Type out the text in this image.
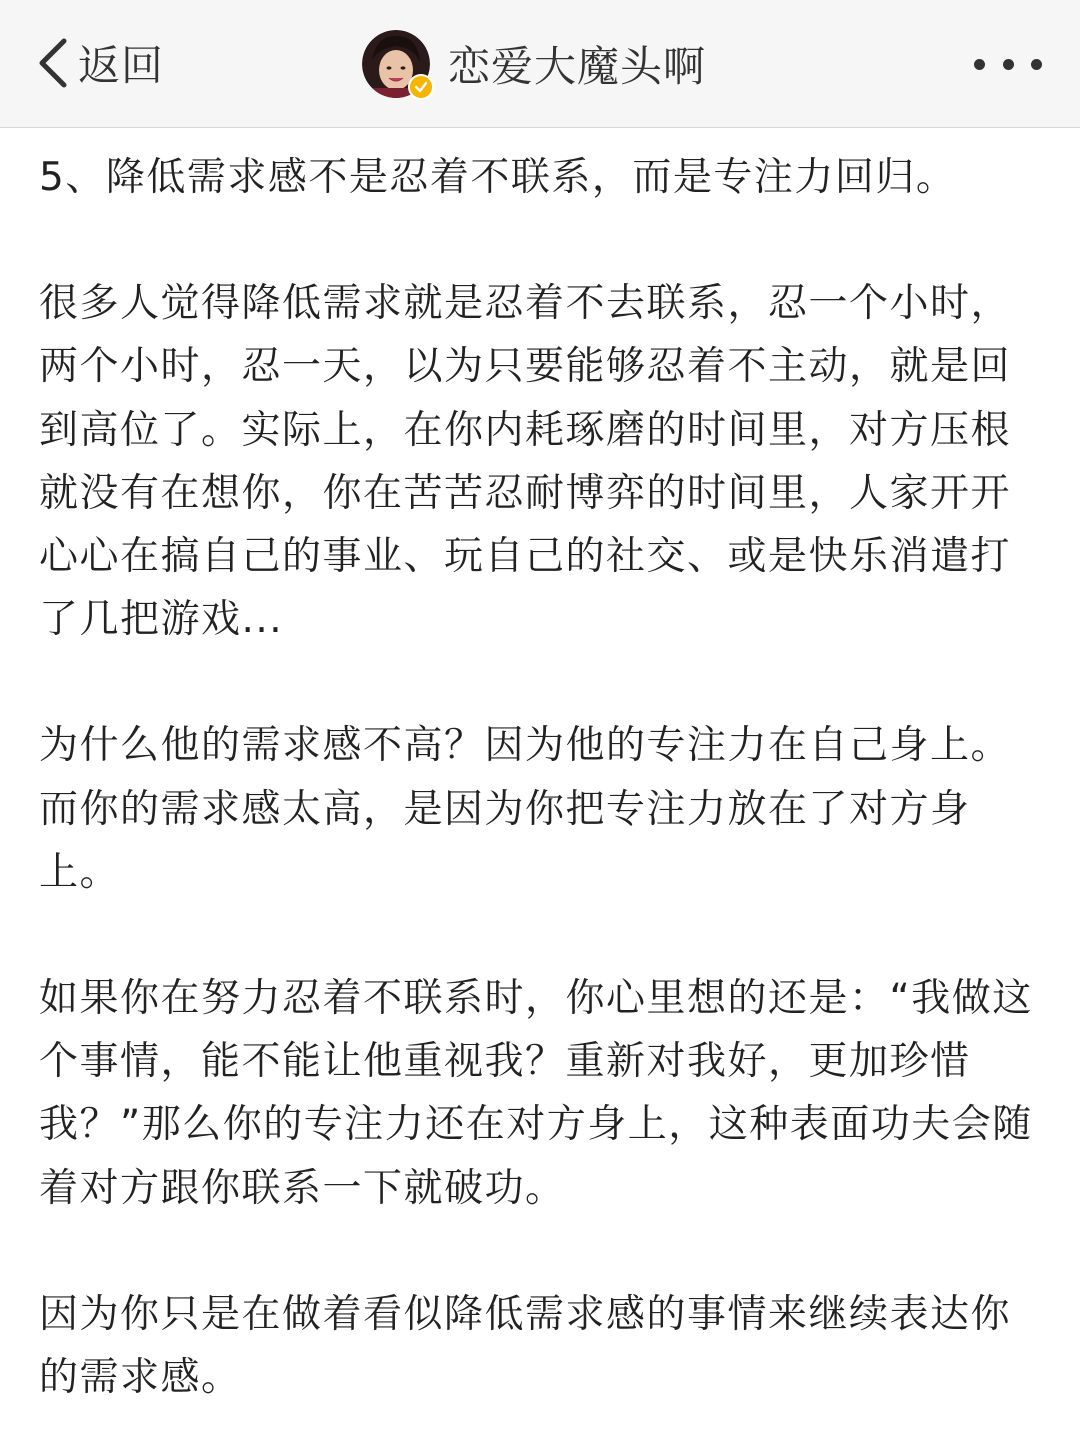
返回	恋爱大魔头啊

5、降低需求感不是忍着不联系，而是专注力回归。

很多人觉得降低需求就是忍着不去联系，忍一个小时，两个小时，忍一天，以为只要能够忍着不主动，就是回到高位了。实际上，在你内耗琢磨的时间里，对方压根就没有在想你，你在苦苦忍耐博弈的时间里，人家开开心心在搞自己的事业、玩自己的社交、或是快乐消遣打了几把游戏...

为什么他的需求感不高？因为他的专注力在自己身上。而你的需求感太高，是因为你把专注力放在了对方身上。

如果你在努力忍着不联系时，你心里想的还是：“我做这个事情，能不能让他重视我？重新对我好，更加珍惜我？”那么你的专注力还在对方身上，这种表面功夫会随着对方跟你联系一下就破功。

因为你只是在做着看似降低需求感的事情来继续表达你的需求感。
